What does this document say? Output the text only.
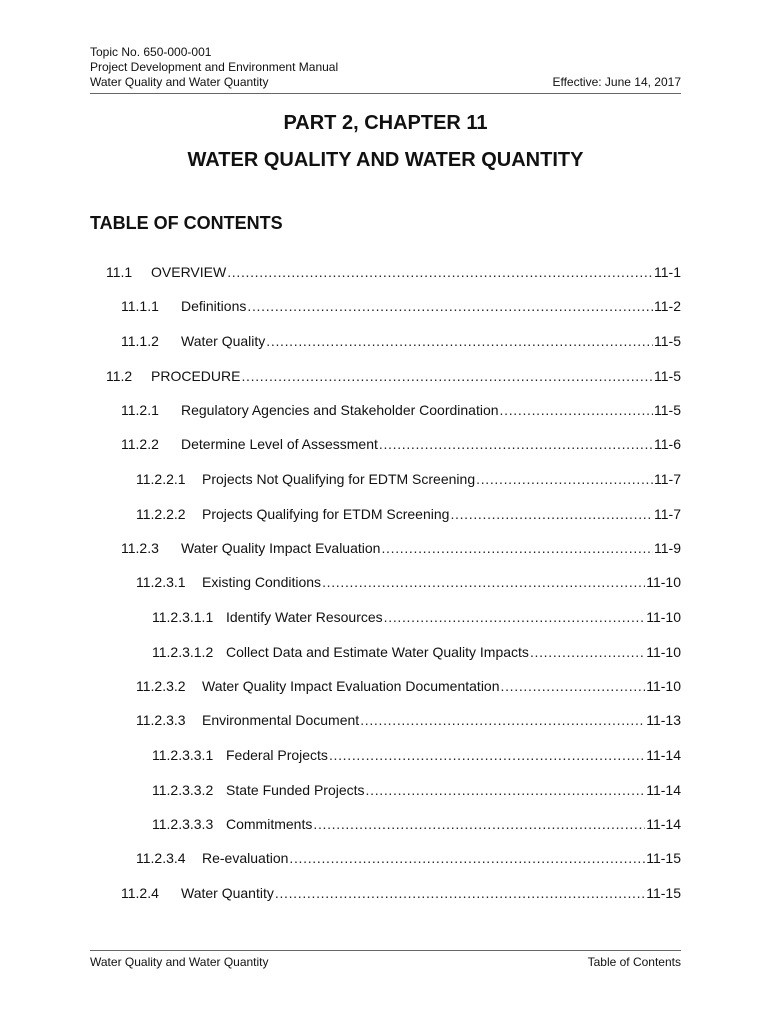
Topic No. 650-000-001
Project Development and Environment Manual
Water Quality and Water Quantity	Effective: June 14, 2017
PART 2, CHAPTER 11
WATER QUALITY AND WATER QUANTITY
TABLE OF CONTENTS
11.1	OVERVIEW . . .	11-1
11.1.1	Definitions . . .	11-2
11.1.2	Water Quality . . .	11-5
11.2	PROCEDURE . . .	11-5
11.2.1	Regulatory Agencies and Stakeholder Coordination . . .	11-5
11.2.2	Determine Level of Assessment . . .	11-6
11.2.2.1	Projects Not Qualifying for EDTM Screening . . .	11-7
11.2.2.2	Projects Qualifying for ETDM Screening . . .	11-7
11.2.3	Water Quality Impact Evaluation . . .	11-9
11.2.3.1	Existing Conditions . . .	11-10
11.2.3.1.1 Identify Water Resources . . .	11-10
11.2.3.1.2 Collect Data and Estimate Water Quality Impacts . . .	11-10
11.2.3.2	Water Quality Impact Evaluation Documentation . . .	11-10
11.2.3.3	Environmental Document . . .	11-13
11.2.3.3.1 Federal Projects . . .	11-14
11.2.3.3.2 State Funded Projects . . .	11-14
11.2.3.3.3 Commitments . . .	11-14
11.2.3.4	Re-evaluation . . .	11-15
11.2.4	Water Quantity . . .	11-15
Water Quality and Water Quantity	Table of Contents
